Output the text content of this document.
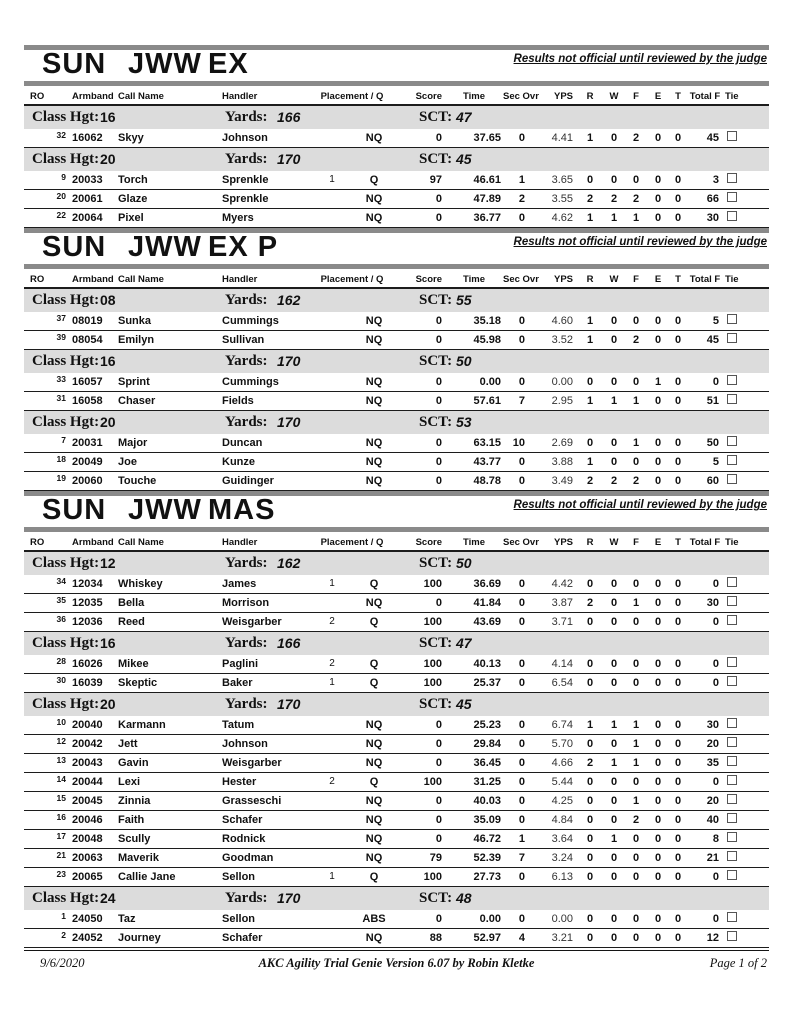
SUN JWW EX	Results not official until reviewed by the judge
RO	Armband Call Name	Handler	Placement / Q	Score	Time	Sec Ovr	YPS	R	W	F	E	T Total F Tie
Class Hgt: 16	Yards: 166	SCT: 47
32 16062	Skyy	Johnson	NQ	0	37.65	0	4.41	1	0	2	0	0	45
Class Hgt: 20	Yards: 170	SCT: 45
9 20033	Torch	Sprenkle	1	Q	97	46.61	1	3.65	0	0	0	0	0	3
20 20061	Glaze	Sprenkle	NQ	0	47.89	2	3.55	2	2	2	0	0	66
22 20064	Pixel	Myers	NQ	0	36.77	0	4.62	1	1	1	0	0	30
SUN JWW EX P	Results not official until reviewed by the judge
RO	Armband Call Name	Handler	Placement / Q	Score	Time	Sec Ovr	YPS	R	W	F	E	T Total F Tie
Class Hgt: 08	Yards: 162	SCT: 55
37 08019	Sunka	Cummings	NQ	0	35.18	0	4.60	1	0	0	0	0	5
39 08054	Emilyn	Sullivan	NQ	0	45.98	0	3.52	1	0	2	0	0	45
Class Hgt: 16	Yards: 170	SCT: 50
33 16057	Sprint	Cummings	NQ	0	0.00	0	0.00	0	0	0	1	0	0
31 16058	Chaser	Fields	NQ	0	57.61	7	2.95	1	1	1	0	0	51
Class Hgt: 20	Yards: 170	SCT: 53
7 20031	Major	Duncan	NQ	0	63.15	10	2.69	0	0	1	0	0	50
18 20049	Joe	Kunze	NQ	0	43.77	0	3.88	1	0	0	0	0	5
19 20060	Touche	Guidinger	NQ	0	48.78	0	3.49	2	2	2	0	0	60
SUN JWW MAS	Results not official until reviewed by the judge
RO	Armband Call Name	Handler	Placement / Q	Score	Time	Sec Ovr	YPS	R	W	F	E	T Total F Tie
Class Hgt: 12	Yards: 162	SCT: 50
34 12034	Whiskey	James	1	Q	100	36.69	0	4.42	0	0	0	0	0	0
35 12035	Bella	Morrison	NQ	0	41.84	0	3.87	2	0	1	0	0	30
36 12036	Reed	Weisgarber	2	Q	100	43.69	0	3.71	0	0	0	0	0	0
Class Hgt: 16	Yards: 166	SCT: 47
28 16026	Mikee	Paglini	2	Q	100	40.13	0	4.14	0	0	0	0	0	0
30 16039	Skeptic	Baker	1	Q	100	25.37	0	6.54	0	0	0	0	0	0
Class Hgt: 20	Yards: 170	SCT: 45
10 20040	Karmann	Tatum	NQ	0	25.23	0	6.74	1	1	1	0	0	30
12 20042	Jett	Johnson	NQ	0	29.84	0	5.70	0	0	1	0	0	20
13 20043	Gavin	Weisgarber	NQ	0	36.45	0	4.66	2	1	1	0	0	35
14 20044	Lexi	Hester	2	Q	100	31.25	0	5.44	0	0	0	0	0	0
15 20045	Zinnia	Grasseschi	NQ	0	40.03	0	4.25	0	0	1	0	0	20
16 20046	Faith	Schafer	NQ	0	35.09	0	4.84	0	0	2	0	0	40
17 20048	Scully	Rodnick	NQ	0	46.72	1	3.64	0	1	0	0	0	8
21 20063	Maverik	Goodman	NQ	79	52.39	7	3.24	0	0	0	0	0	21
23 20065	Callie Jane	Sellon	1	Q	100	27.73	0	6.13	0	0	0	0	0	0
Class Hgt: 24	Yards: 170	SCT: 48
1 24050	Taz	Sellon	ABS	0	0.00	0	0.00	0	0	0	0	0	0
2 24052	Journey	Schafer	NQ	88	52.97	4	3.21	0	0	0	0	0	12
9/6/2020	AKC Agility Trial Genie Version 6.07 by Robin Kletke	Page 1 of 2
